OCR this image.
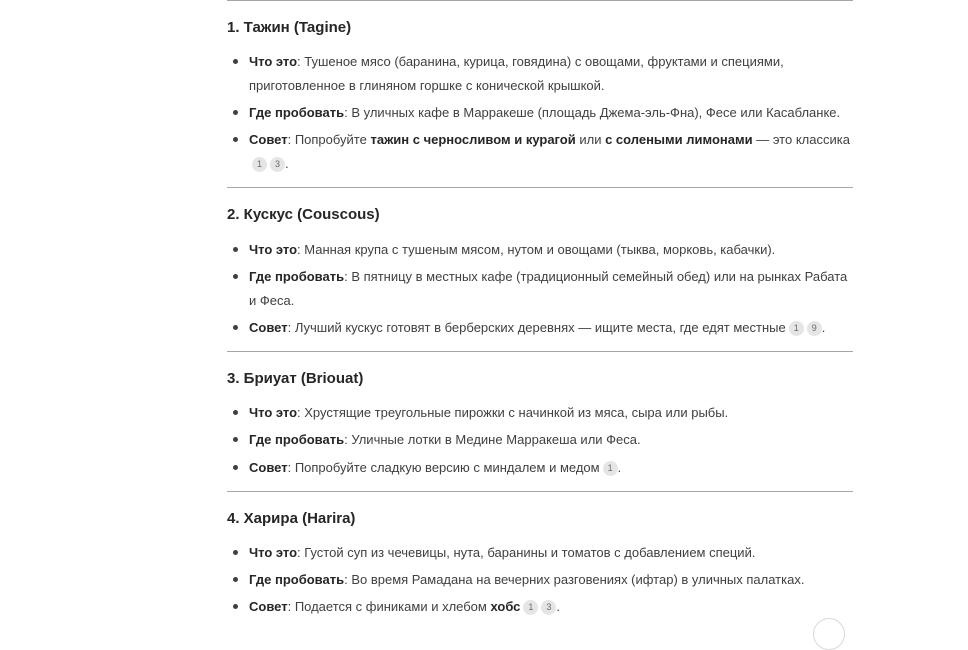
1. Тажин (Tagine)
Что это: Тушеное мясо (баранина, курица, говядина) с овощами, фруктами и специями, приготовленное в глиняном горшке с конической крышкой.
Где пробовать: В уличных кафе в Марракеше (площадь Джема-эль-Фна), Фесе или Касабланке.
Совет: Попробуйте тажин с черносливом и курагой или с солеными лимонами — это классика1 3 .
2. Кускус (Couscous)
Что это: Манная крупа с тушеным мясом, нутом и овощами (тыква, морковь, кабачки).
Где пробовать: В пятницу в местных кафе (традиционный семейный обед) или на рынках Рабата и Феса.
Совет: Лучший кускус готовят в берберских деревнях — ищите места, где едят местные 1 9 .
3. Бриуат (Briouat)
Что это: Хрустящие треугольные пирожки с начинкой из мяса, сыра или рыбы.
Где пробовать: Уличные лотки в Медине Марракеша или Феса.
Совет: Попробуйте сладкую версию с миндалем и медом 1 .
4. Харира (Harira)
Что это: Густой суп из чечевицы, нута, баранины и томатов с добавлением специй.
Где пробовать: Во время Рамадана на вечерних разговениях (ифтар) в уличных палатках.
Совет: Подается с финиками и хлебом хобс 1 3 .
